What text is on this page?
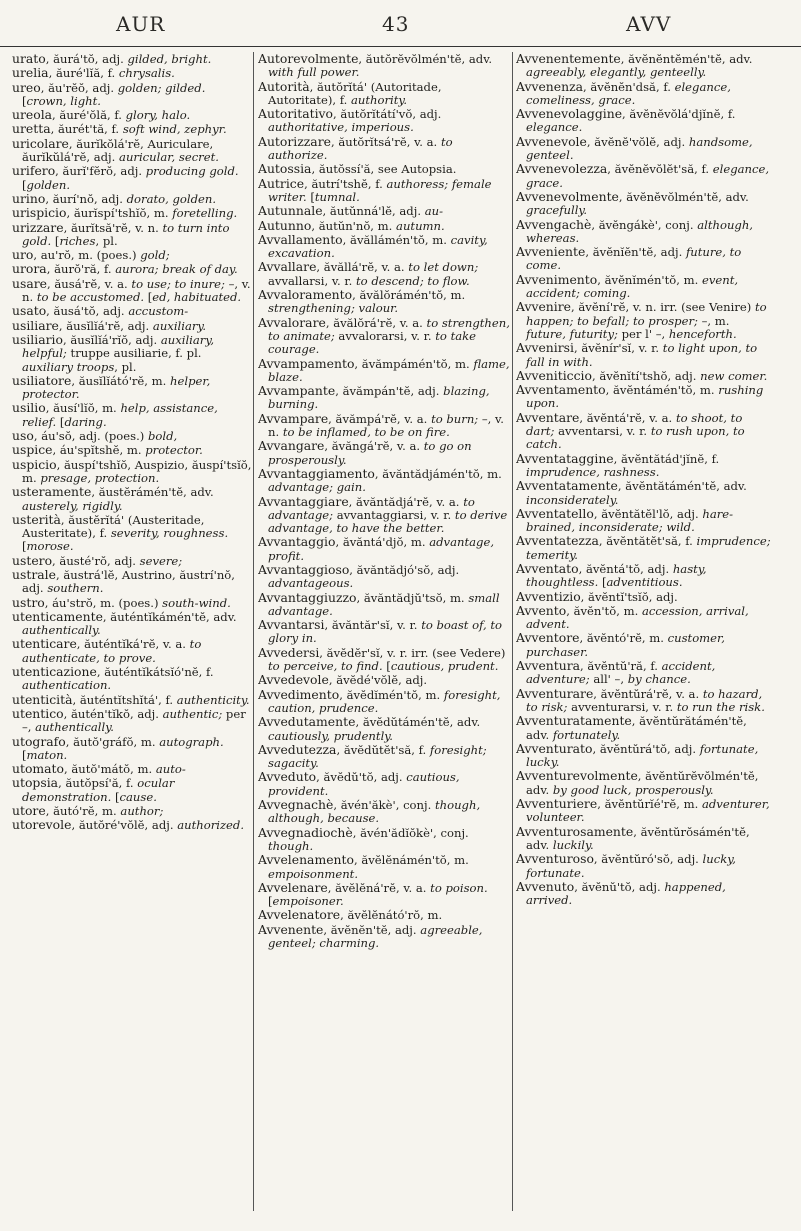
AUR	43	AVV

urato, ăurá'tŏ, adj. gilded, bright.

urelia, ăuré'lĭă, f. chrysalis.

ureo, ău'rĕŏ, adj. golden; gilded. [crown, light.

ureola, ăuré'ŏlă, f. glory, halo.

uretta, ăurét'tă, f. soft wind, zephyr.

uricolare, ăurĭkŏlá'rĕ, Auriculare, ăurĭkŭlá'rĕ, adj. auricular, secret.

urifero, ăurĭ'fĕrŏ, adj. producing gold. [golden.

urino, ăurí'nŏ, adj. dorato, golden.

urispicio, ăurĭspí'tshĭŏ, m. foretelling.

urizzare, ăurĭtsă'rĕ, v. n. to turn into gold. [riches, pl.

uro, au'rŏ, m. (poes.) gold;

urora, ăurŏ'ră, f. aurora; break of day.

usare, ăusá'rĕ, v. a. to use; to inure; –, v. n. to be accustomed. [ed, habituated.

usato, ăusá'tŏ, adj. accustom-

usiliare, ăusĭlĭá'rĕ, adj. auxiliary.

usiliario, ăusĭlĭá'rĭŏ, adj. auxiliary, helpful; truppe ausiliarie, f. pl. auxiliary troops, pl.

usiliatore, ăusĭlĭátó'rĕ, m. helper, protector.

usilio, ăusí'lĭŏ, m. help, assistance, relief. [daring.

uso, áu'sŏ, adj. (poes.) bold,

uspice, áu'spĭtshĕ, m. protector.

uspicio, ăuspí'tshĭŏ, Auspizio, ăuspí'tsĭŏ, m. presage, protection.

usteramente, ăustĕrámén'tĕ, adv. austerely, rigidly.

usterità, ăustĕrĭtá' (Austeritade, Austeritate), f. severity, roughness. [morose.

ustero, ăusté'rŏ, adj. severe;

ustrale, ăustrá'lĕ, Austrino, ăustrí'nŏ, adj. southern.

ustro, áu'strŏ, m. (poes.) south-wind.

utenticamente, ăuténtĭkámén'tĕ, adv. authentically.

utenticare, ăuténtĭká'rĕ, v. a. to authenticate, to prove.

utenticazione, ăuténtĭkátsĭó'nĕ, f. authentication.

utenticità, ăuténtĭtshĭtá', f. authenticity.

utentico, ăutén'tĭkŏ, adj. authentic; per –, authentically.

utografo, ăutŏ'gráfŏ, m. autograph. [maton.

utomato, ăutŏ'mátŏ, m. auto-

utopsia, ăutŏpsí'ă, f. ocular demonstration. [cause.

utore, ăutó'rĕ, m. author;

utorevole, ăutŏré'vŏlĕ, adj. authorized.

Autorevolmente, ăutŏrĕvŏlmén'tĕ, adv. with full power.

Autorità, ăutŏrĭtá' (Autoritade, Autoritate), f. authority.

Autoritativo, ăutŏrĭtátí'vŏ, adj. authoritative, imperious.

Autorizzare, ăutŏrĭtsá'rĕ, v. a. to authorize.

Autossia, ăutŏssí'ă, see Autopsia.

Autrice, ăutrí'tshĕ, f. authoress; female writer. [tumnal.

Autunnale, ăutŭnná'lĕ, adj. au-

Autunno, ăutŭn'nŏ, m. autumn.

Avvallamento, ăvăllámén'tŏ, m. cavity, excavation.

Avvallare, ăvăllá'rĕ, v. a. to let down; avvallarsi, v. r. to descend; to flow.

Avvaloramento, ăvălŏrámén'tŏ, m. strengthening; valour.

Avvalorare, ăvălŏrá'rĕ, v. a. to strengthen, to animate; avvalorarsi, v. r. to take courage.

Avvampamento, ăvămpámén'tŏ, m. flame, blaze.

Avvampante, ăvămpán'tĕ, adj. blazing, burning.

Avvampare, ăvămpá'rĕ, v. a. to burn; –, v. n. to be inflamed, to be on fire.

Avvangare, ăvăngá'rĕ, v. a. to go on prosperously.

Avvantaggiamento, ăvăntădjámén'tŏ, m. advantage; gain.

Avvantaggiare, ăvăntădjá'rĕ, v. a. to advantage; avvantaggiarsi, v. r. to derive advantage, to have the better.

Avvantaggio, ăvăntá'djŏ, m. advantage, profit.

Avvantaggioso, ăvăntădjó'sŏ, adj. advantageous.

Avvantaggiuzzo, ăvăntădjŭ'tsŏ, m. small advantage.

Avvantarsi, ăvăntăr'sĭ, v. r. to boast of, to glory in.

Avvedersi, ăvĕdĕr'sĭ, v. r. irr. (see Vedere) to perceive, to find. [cautious, prudent.

Avvedevole, ăvĕdé'vŏlĕ, adj.

Avvedimento, ăvĕdĭmén'tŏ, m. foresight, caution, prudence.

Avvedutamente, ăvĕdŭtámén'tĕ, adv. cautiously, prudently.

Avvedutezza, ăvĕdŭtĕt'să, f. foresight; sagacity.

Avveduto, ăvĕdŭ'tŏ, adj. cautious, provident.

Avvegnachè, ăvén'ăkè', conj. though, although, because.

Avvegnadiochè, ăvén'ădĭŏkè', conj. though.

Avvelenamento, ăvĕlĕnámén'tŏ, m. empoisonment.

Avvelenare, ăvĕlĕná'rĕ, v. a. to poison. [empoisoner.

Avvelenatore, ăvĕlĕnátó'rŏ, m.

Avvenente, ăvĕnĕn'tĕ, adj. agreeable, genteel; charming.

Avvenentemente, ăvĕnĕntĕmén'tĕ, adv. agreeably, elegantly, genteelly.

Avvenenza, ăvĕnĕn'dsă, f. elegance, comeliness, grace.

Avvenevolaggine, ăvĕnĕvŏlá'djĭnĕ, f. elegance.

Avvenevole, ăvĕnĕ'vŏlĕ, adj. handsome, genteel.

Avvenevolezza, ăvĕnĕvŏlĕt'să, f. elegance, grace.

Avvenevolmente, ăvĕnĕvŏlmén'tĕ, adv. gracefully.

Avvengachè, ăvĕngákè', conj. although, whereas.

Avveniente, ăvĕnĭĕn'tĕ, adj. future, to come.

Avvenimento, ăvĕnĭmén'tŏ, m. event, accident; coming.

Avvenire, ăvĕní'rĕ, v. n. irr. (see Venire) to happen; to befall; to prosper; –, m. future, futurity; per l' –, henceforth.

Avvenirsi, ăvĕnír'sĭ, v. r. to light upon, to fall in with.

Avveniticcio, ăvĕnĭtí'tshŏ, adj. new comer.

Avventamento, ăvĕntámén'tŏ, m. rushing upon.

Avventare, ăvĕntá'rĕ, v. a. to shoot, to dart; avventarsi, v. r. to rush upon, to catch.

Avventataggine, ăvĕntătád'jĭnĕ, f. imprudence, rashness.

Avventatamente, ăvĕntătámén'tĕ, adv. inconsiderately.

Avventatello, ăvĕntătĕl'lŏ, adj. hare-brained, inconsiderate; wild.

Avventatezza, ăvĕntătĕt'să, f. imprudence; temerity.

Avventato, ăvĕntá'tŏ, adj. hasty, thoughtless. [adventitious.

Avventizio, ăvĕntĭ'tsĭŏ, adj.

Avvento, ăvĕn'tŏ, m. accession, arrival, advent.

Avventore, ăvĕntó'rĕ, m. customer, purchaser.

Avventura, ăvĕntŭ'ră, f. accident, adventure; all' –, by chance.

Avventurare, ăvĕntŭrá'rĕ, v. a. to hazard, to risk; avventurarsi, v. r. to run the risk.

Avventuratamente, ăvĕntŭrătámén'tĕ, adv. fortunately.

Avventurato, ăvĕntŭrá'tŏ, adj. fortunate, lucky.

Avventurevolmente, ăvĕntŭrĕvŏlmén'tĕ, adv. by good luck, prosperously.

Avventuriere, ăvĕntŭrĭé'rĕ, m. adventurer, volunteer.

Avventurosamente, ăvĕntŭrŏsámén'tĕ, adv. luckily.

Avventuroso, ăvĕntŭró'sŏ, adj. lucky, fortunate.

Avvenuto, ăvĕnŭ'tŏ, adj. happened, arrived.
